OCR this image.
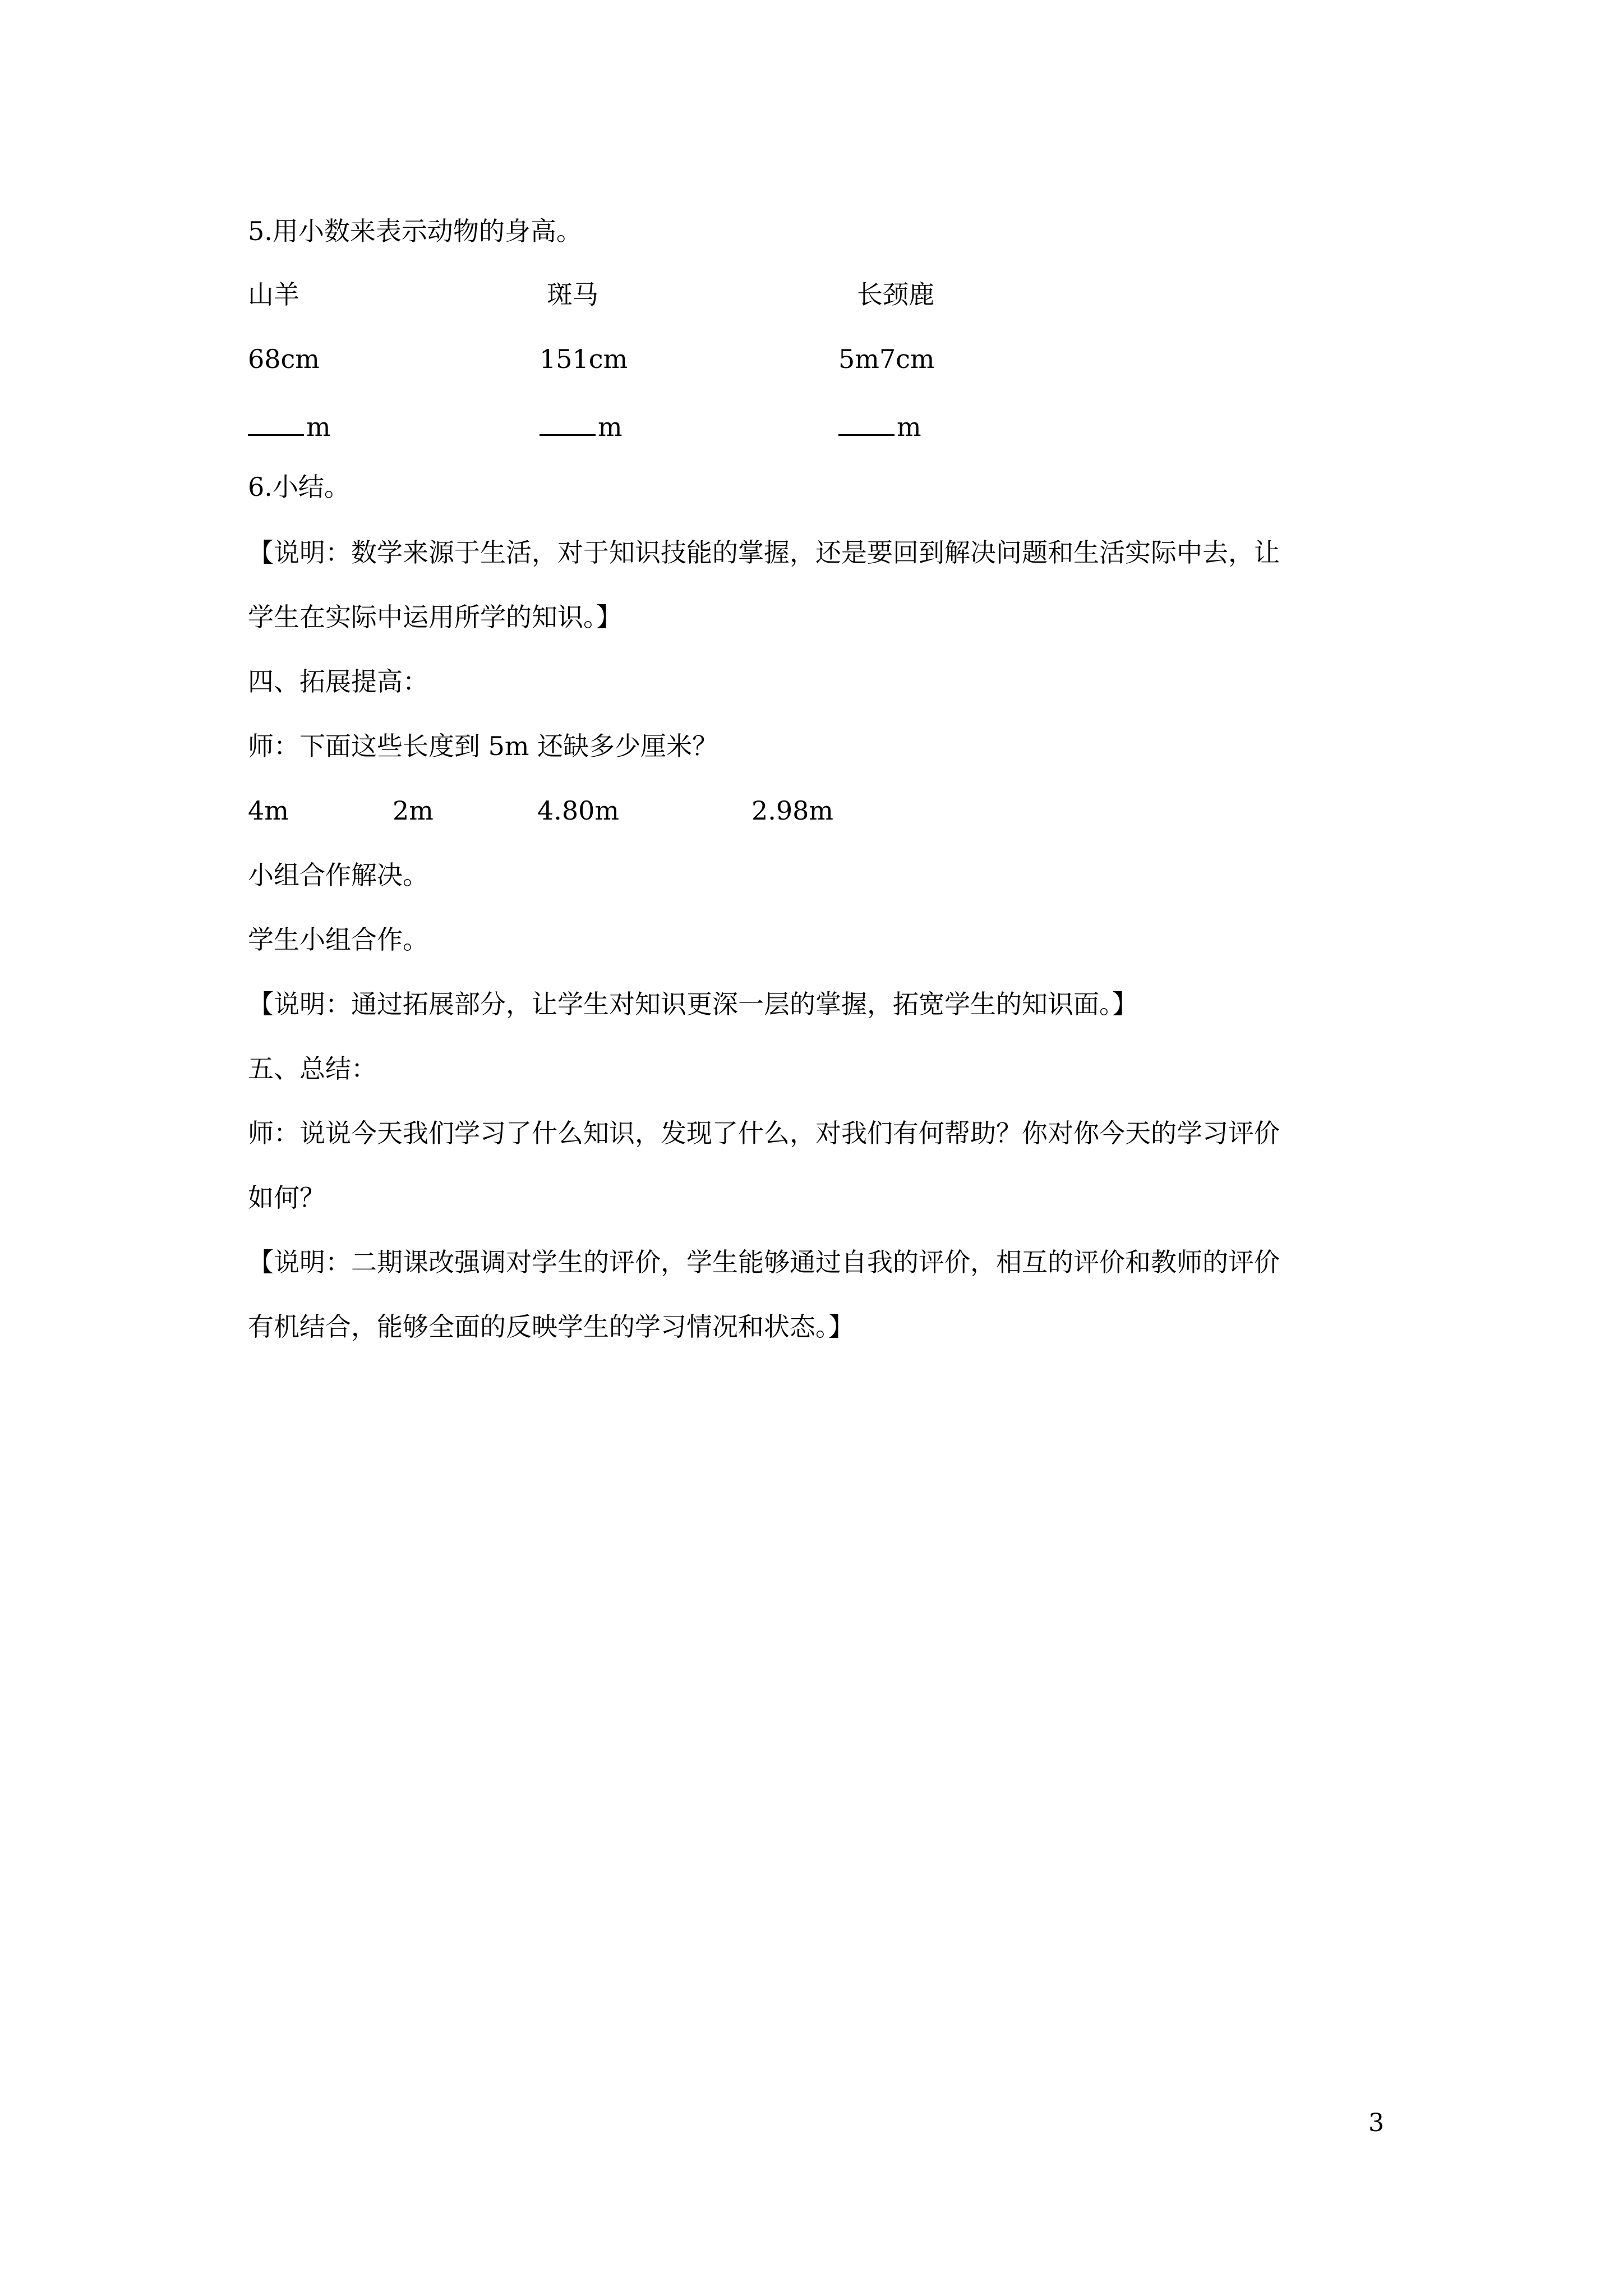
5.用小数来表示动物的身高。
山羊	斑马	长颈鹿
68cm	151cm	5m7cm
m	m	m
6.小结。
【说明：数学来源于生活，对于知识技能的掌握，还是要回到解决问题和生活实际中去，让
学生在实际中运用所学的知识。】
四、拓展提高：
师：下面这些长度到 5m 还缺多少厘米？
4m	2m	4.80m	2.98m
小组合作解决。
学生小组合作。
【说明：通过拓展部分，让学生对知识更深一层的掌握，拓宽学生的知识面。】
五、总结：
师：说说今天我们学习了什么知识，发现了什么，对我们有何帮助？你对你今天的学习评价
如何？
【说明：二期课改强调对学生的评价，学生能够通过自我的评价，相互的评价和教师的评价
有机结合，能够全面的反映学生的学习情况和状态。】
3
